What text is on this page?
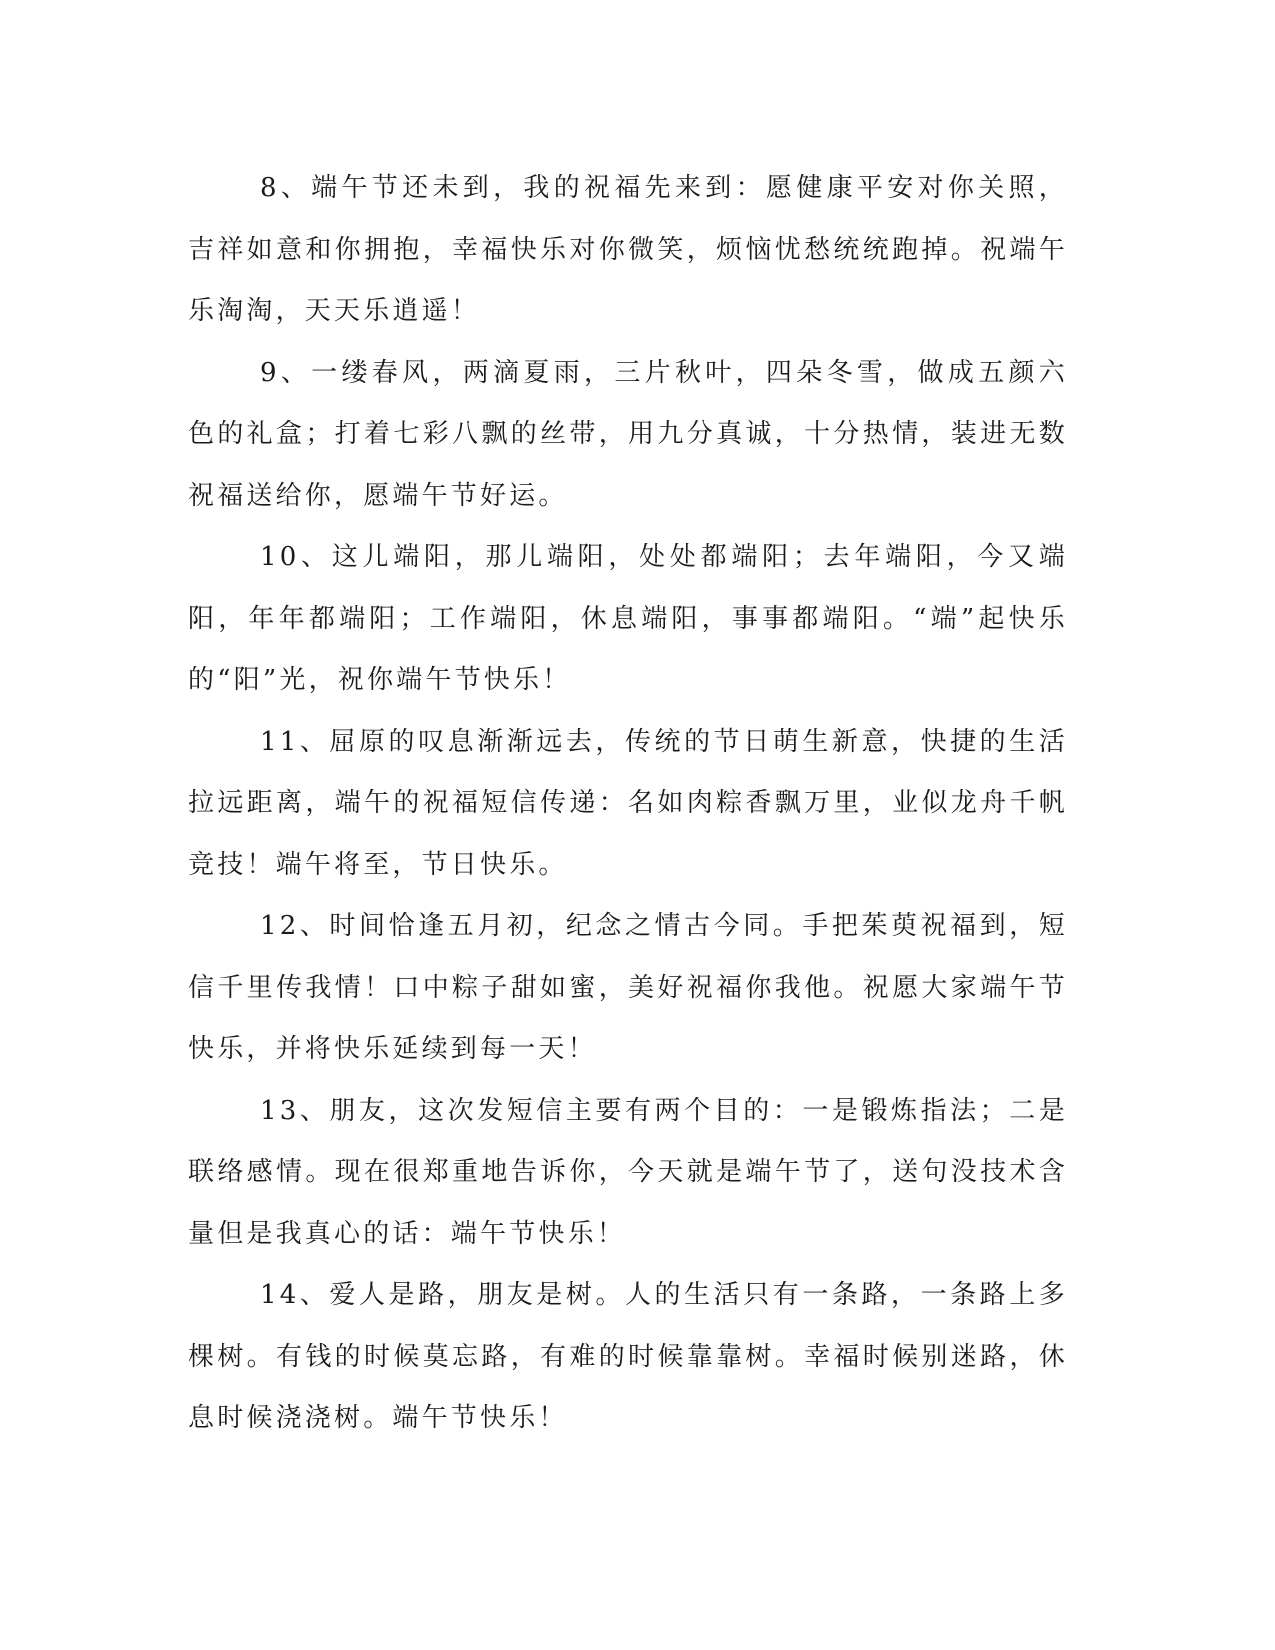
8、端午节还未到，我的祝福先来到：愿健康平安对你关照，吉祥如意和你拥抱，幸福快乐对你微笑，烦恼忧愁统统跑掉。祝端午乐淘淘，天天乐逍遥！

9、一缕春风，两滴夏雨，三片秋叶，四朵冬雪，做成五颜六色的礼盒；打着七彩八飘的丝带，用九分真诚，十分热情，装进无数祝福送给你，愿端午节好运。

10、这儿端阳，那儿端阳，处处都端阳；去年端阳，今又端阳，年年都端阳；工作端阳，休息端阳，事事都端阳。“端”起快乐的“阳”光，祝你端午节快乐！

11、屈原的叹息渐渐远去，传统的节日萌生新意，快捷的生活拉远距离，端午的祝福短信传递：名如肉粽香飘万里，业似龙舟千帆竞技！端午将至，节日快乐。

12、时间恰逢五月初，纪念之情古今同。手把茱萸祝福到，短信千里传我情！口中粽子甜如蜜，美好祝福你我他。祝愿大家端午节快乐，并将快乐延续到每一天！

13、朋友，这次发短信主要有两个目的：一是锻炼指法；二是联络感情。现在很郑重地告诉你，今天就是端午节了，送句没技术含量但是我真心的话：端午节快乐！

14、爱人是路，朋友是树。人的生活只有一条路，一条路上多棵树。有钱的时候莫忘路，有难的时候靠靠树。幸福时候别迷路，休息时候浇浇树。端午节快乐！
